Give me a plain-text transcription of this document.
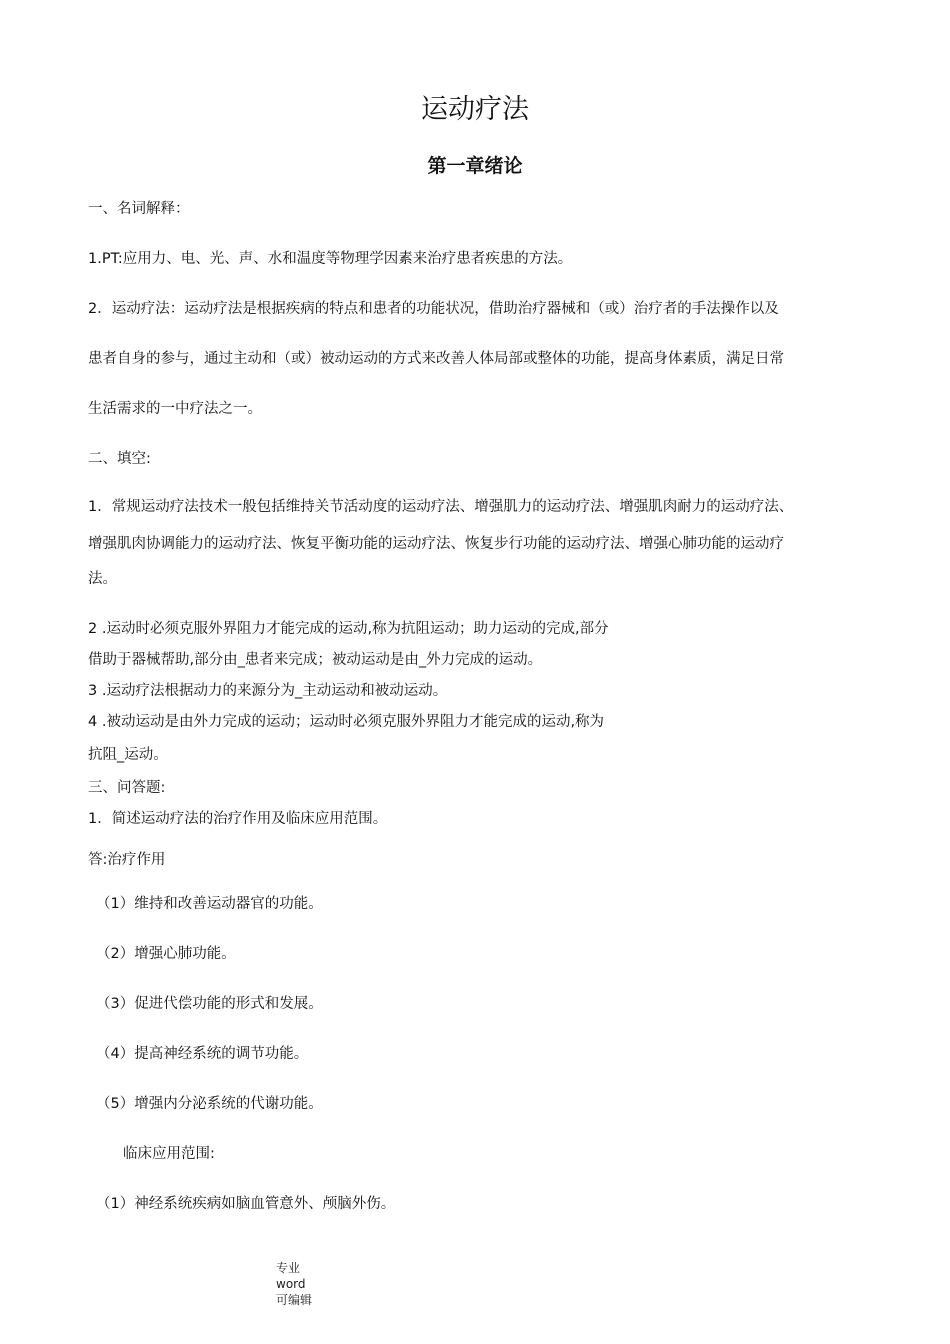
运动疗法
第一章绪论
一、名词解释：
1.PT:应用力、电、光、声、水和温度等物理学因素来治疗患者疾患的方法。
2．运动疗法：运动疗法是根据疾病的特点和患者的功能状况，借助治疗器械和（或）治疗者的手法操作以及
患者自身的参与，通过主动和（或）被动运动的方式来改善人体局部或整体的功能，提高身体素质，满足日常
生活需求的一中疗法之一。
二、填空:
1．常规运动疗法技术一般包括维持关节活动度的运动疗法、增强肌力的运动疗法、增强肌肉耐力的运动疗法、
增强肌肉协调能力的运动疗法、恢复平衡功能的运动疗法、恢复步行功能的运动疗法、增强心肺功能的运动疗
法。
2 .运动时必须克服外界阻力才能完成的运动,称为抗阻运动；助力运动的完成,部分
借助于器械帮助,部分由_患者来完成；被动运动是由_外力完成的运动。
3 .运动疗法根据动力的来源分为_主动运动和被动运动。
4 .被动运动是由外力完成的运动；运动时必须克服外界阻力才能完成的运动,称为
抗阻_运动。
三、问答题:
1．简述运动疗法的治疗作用及临床应用范围。
答:治疗作用
（1）维持和改善运动器官的功能。
（2）增强心肺功能。
（3）促进代偿功能的形式和发展。
（4）提高神经系统的调节功能。
（5）增强内分泌系统的代谢功能。
临床应用范围:
（1）神经系统疾病如脑血管意外、颅脑外伤。
专业
word
可编辑
